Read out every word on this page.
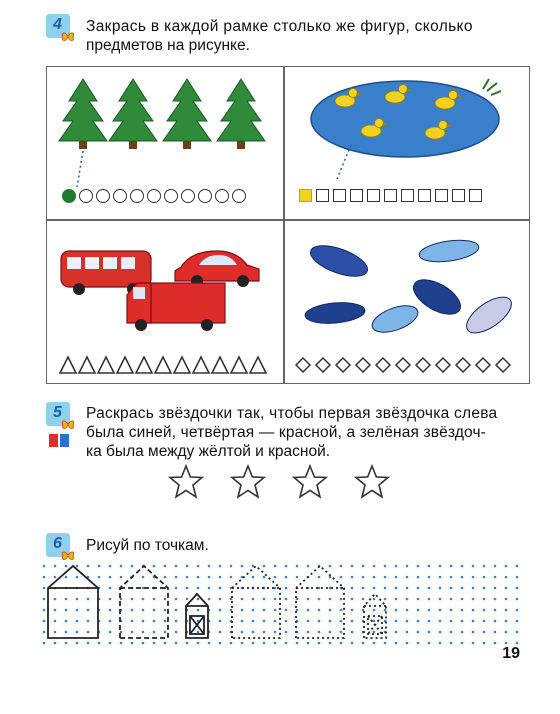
4 Закрась в каждой рамке столько же фигур, сколько
предметов на рисунке.
5 Раскрась звёздочки так, чтобы первая звёздочка слева
была синей, четвёртая — красной, а зелёная звёздоч-
ка была между жёлтой и красной.
6 Рисуй по точкам.
19
